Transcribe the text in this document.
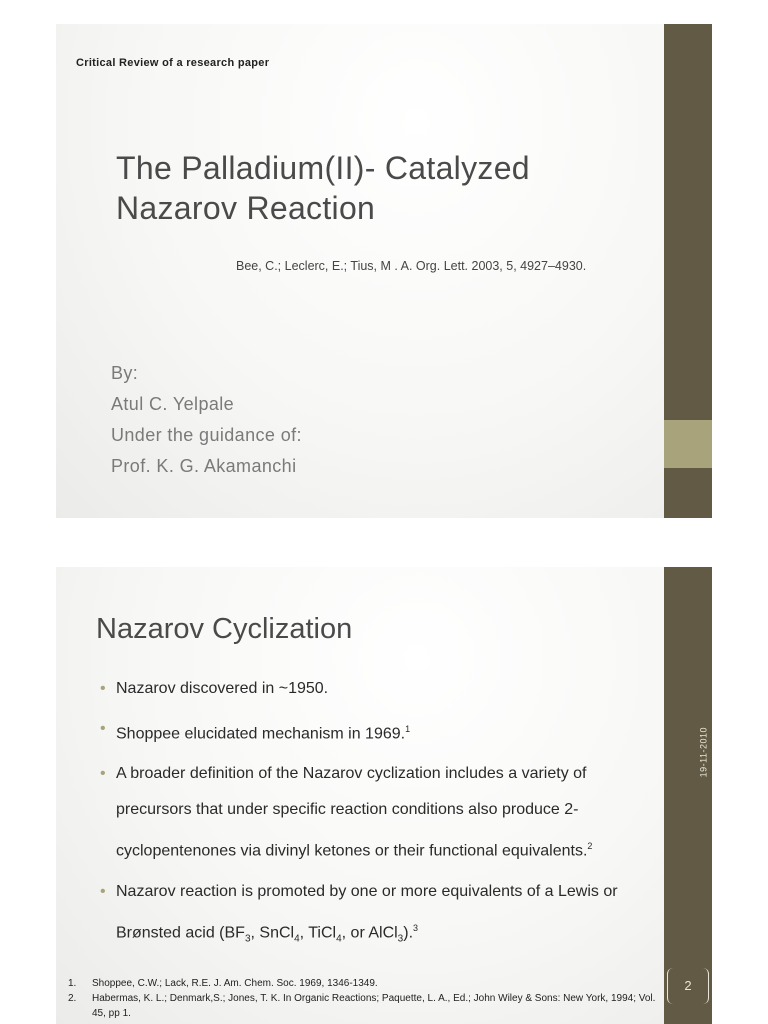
Critical Review of a research paper
The Palladium(II)- Catalyzed
Nazarov Reaction
Bee, C.; Leclerc, E.; Tius, M . A. Org. Lett. 2003, 5, 4927–4930.
By:
Atul C. Yelpale
Under the guidance of:
Prof. K. G. Akamanchi
19-11-2010
2
Nazarov Cyclization
• Nazarov discovered in ~1950.
• Shoppee elucidated mechanism in 1969.$^1$
• A broader definition of the Nazarov cyclization includes a variety of precursors that under specific reaction conditions also produce 2-cyclopentenones via divinyl ketones or their functional equivalents.$^2$
• Nazarov reaction is promoted by one or more equivalents of a Lewis or Brønsted acid ($BF_3$, SnCl$_4$, TiCl$_4$, or AlCl$_3$).$^3$
1. Shoppee, C.W.; Lack, R.E. J. Am. Chem. Soc. 1969, 1346-1349.
2. Habermas, K. L.; Denmark,S.; Jones, T. K. In Organic Reactions; Paquette, L. A., Ed.; John Wiley & Sons: New York, 1994; Vol. 45, pp 1.
